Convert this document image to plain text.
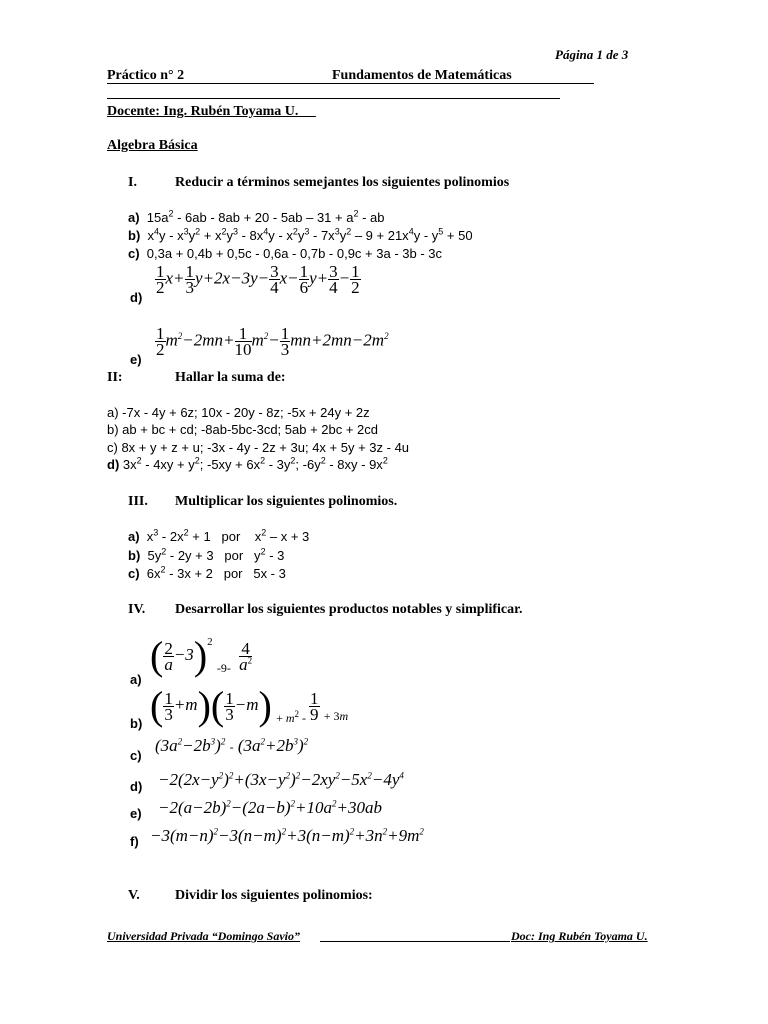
Página 1 de 3
Práctico n° 2	Fundamentos de Matemáticas
Docente: Ing. Rubén Toyama U.
Algebra Básica
I.	Reducir a términos semejantes los siguientes polinomios
a)  $15a^2 - 6ab - 8ab + 20 - 5ab - 31 + a^2$ - ab
b)  $x^4y - x^3y^2 + x^2y^3 - 8x^4y - x^2y^3 - 7x^3y^2 - 9 + 21x^4y - y^5 + 50$
c)  0,3a + 0,4b + 0,5c - 0,6a - 0,7b - 0,9c + 3a - 3b - 3c
$\frac{1}{2} x+ \frac{1}{3} y+2x-3y- \frac{3}{4} x- \frac{1}{6} y+ \frac{3}{4} - \frac{1}{2}$
d)
$\frac{1}{2} m^2-2mn+ \frac{1}{10} m^2- \frac{1}{3} mn+2mn-2m^2$
e)
II:	Hallar la suma de:
a) -7x - 4y + 6z; 10x - 20y - 8z; -5x + 24y + 2z
b) ab + bc + cd; -8ab-5bc-3cd; 5ab + 2bc + 2cd
c) 8x + y + z + u; -3x - 4y - 2z + 3u; 4x + 5y + 3z - 4u
d) $3x^2 - 4xy + y^2$; $-5xy + 6x^2 - 3y^2$; $-6y^2 - 8xy - 9x^2$
III. Multiplicar los siguientes polinomios.
a)  $x^3 - 2x^2 + 1$   por    $x^2 - x + 3$
b)  $5y^2 - 2y + 3$   por   $y^2 - 3$
c)  $6x^2 - 3x + 2$   por   5x - 3
IV. Desarrollar los siguientes productos notables y simplificar.
( $\frac{2}{a} -3)^2$ $_{-9-} \frac{4}{a^2}$
a)
( $\frac{1}{3} +m)( \frac{1}{3} -m)$ $_{+ m^2 -} \frac{1}{9} _{+ 3m}$
b)
$(3a^2-2b^3)^2 - (3a^2+2b^3)^2$
c)
$-2(2x-y^2)^2+(3x-y^2)^2-2xy^2-5x^2-4y^4$
d)
$-2(a-2b)^2-(2a-b)^2+10a^2+30ab$
e)
$-3(m-n)^2-3(n-m)^2+3(n-m)^2+3n^2+9m^2$
f)
V.	Dividir los siguientes polinomios:
Universidad Privada “Domingo Savio”	Doc: Ing Rubén Toyama U.
